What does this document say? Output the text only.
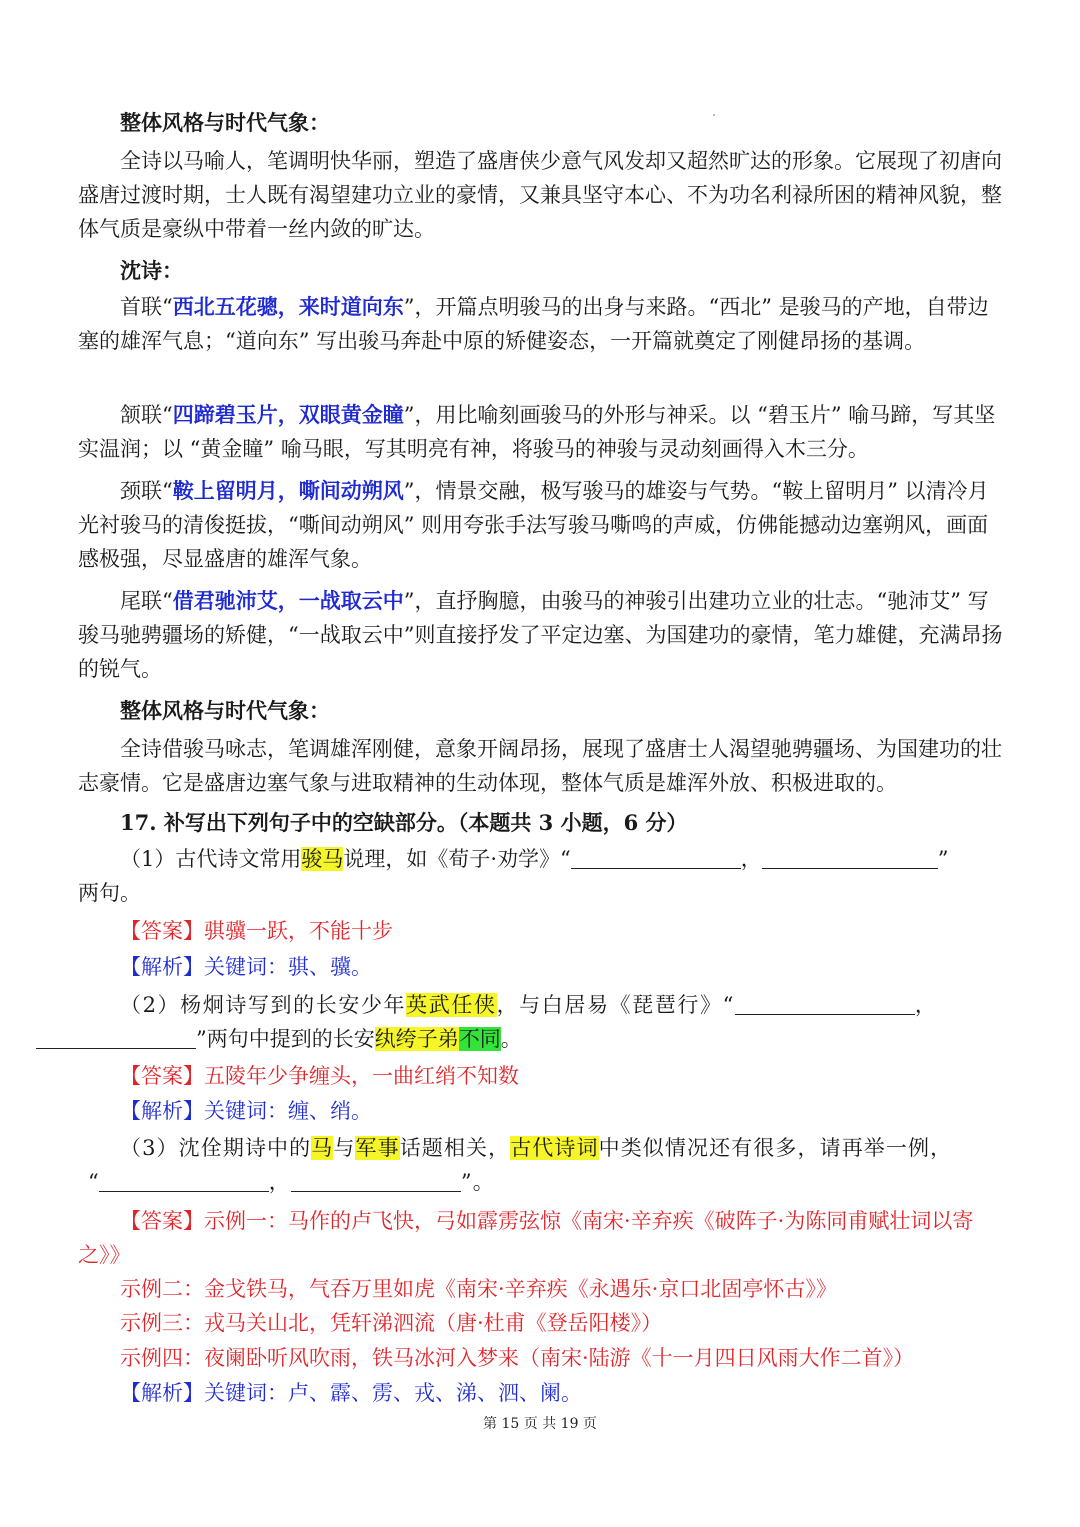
整体风格与时代气象：

全诗以马喻人，笔调明快华丽，塑造了盛唐侠少意气风发却又超然旷达的形象。它展现了初唐向盛唐过渡时期，士人既有渴望建功立业的豪情，又兼具坚守本心、不为功名利禄所困的精神风貌，整体气质是豪纵中带着一丝内敛的旷达。

沈诗：

首联“西北五花骢，来时道向东”，开篇点明骏马的出身与来路。“西北” 是骏马的产地，自带边塞的雄浑气息；“道向东” 写出骏马奔赴中原的矫健姿态，一开篇就奠定了刚健昂扬的基调。

颔联“四蹄碧玉片，双眼黄金瞳”，用比喻刻画骏马的外形与神采。以 “碧玉片” 喻马蹄，写其坚实温润；以 “黄金瞳” 喻马眼，写其明亮有神，将骏马的神骏与灵动刻画得入木三分。

颈联“鞍上留明月，嘶间动朔风”，情景交融，极写骏马的雄姿与气势。“鞍上留明月” 以清冷月光衬骏马的清俊挺拔，“嘶间动朔风” 则用夸张手法写骏马嘶鸣的声威，仿佛能撼动边塞朔风，画面感极强，尽显盛唐的雄浑气象。

尾联“借君驰沛艾，一战取云中”，直抒胸臆，由骏马的神骏引出建功立业的壮志。“驰沛艾” 写骏马驰骋疆场的矫健，“一战取云中”则直接抒发了平定边塞、为国建功的豪情，笔力雄健，充满昂扬的锐气。

整体风格与时代气象：

全诗借骏马咏志，笔调雄浑刚健，意象开阔昂扬，展现了盛唐士人渴望驰骋疆场、为国建功的壮志豪情。它是盛唐边塞气象与进取精神的生动体现，整体气质是雄浑外放、积极进取的。

17. 补写出下列句子中的空缺部分。（本题共 3 小题，6 分）

（1）古代诗文常用骏马说理，如《荀子·劝学》“	，	”
两句。

【答案】骐骥一跃，不能十步

【解析】关键词：骐、骥。

（2）杨炯诗写到的长安少年英武任侠，与白居易《琵琶行》“	，
”两句中提到的长安纨绔子弟不同。

【答案】五陵年少争缠头，一曲红绡不知数

【解析】关键词：缠、绡。

（3）沈佺期诗中的马与军事话题相关，古代诗词中类似情况还有很多，请再举一例，
“	，	”。

【答案】示例一：马作的卢飞快，弓如霹雳弦惊《南宋·辛弃疾《破阵子·为陈同甫赋壮词以寄之》》

示例二：金戈铁马，气吞万里如虎《南宋·辛弃疾《永遇乐·京口北固亭怀古》》

示例三：戎马关山北，凭轩涕泗流（唐·杜甫《登岳阳楼》）

示例四：夜阑卧听风吹雨，铁马冰河入梦来（南宋·陆游《十一月四日风雨大作二首》）

【解析】关键词：卢、霹、雳、戎、涕、泗、阑。

第 15 页 共 19 页
